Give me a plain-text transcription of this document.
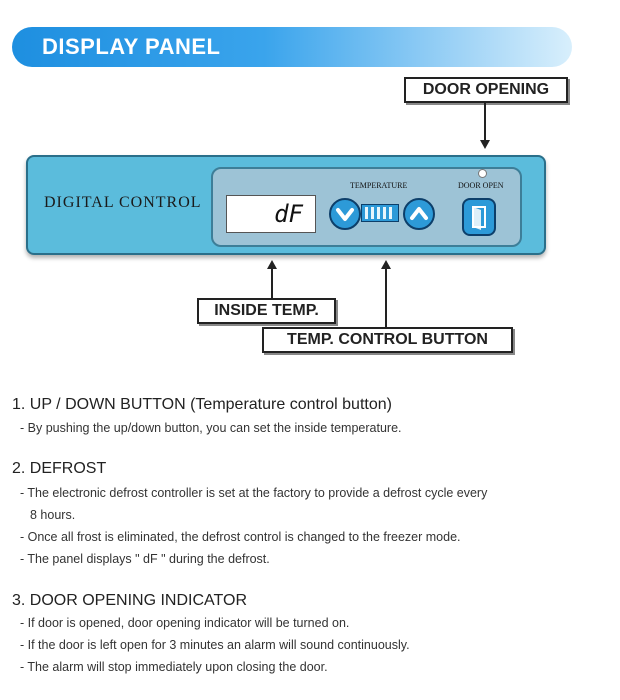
DISPLAY PANEL
DOOR OPENING
DIGITAL CONTROL	dF
TEMPERATURE	DOOR OPEN
INSIDE TEMP.
TEMP. CONTROL BUTTON
1. UP / DOWN BUTTON (Temperature control button)
- By pushing the up/down button, you can set the inside temperature.
2. DEFROST
- The electronic defrost controller is set at the factory to provide a defrost cycle every
8 hours.
- Once all frost is eliminated, the defrost control is changed to the freezer mode.
- The panel displays " dF " during the defrost.
3. DOOR OPENING INDICATOR
- If door is opened, door opening indicator will be turned on.
- If the door is left open for 3 minutes an alarm will sound continuously.
- The alarm will stop immediately upon closing the door.
